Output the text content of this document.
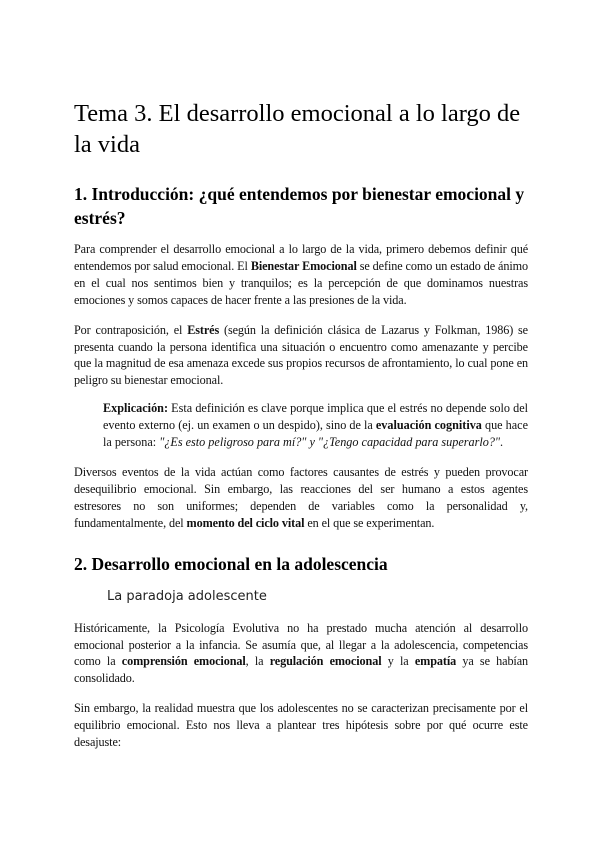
Tema 3. El desarrollo emocional a lo largo de la vida
1. Introducción: ¿qué entendemos por bienestar emocional y estrés?

Para comprender el desarrollo emocional a lo largo de la vida, primero debemos definir qué entendemos por salud emocional. El Bienestar Emocional se define como un estado de ánimo en el cual nos sentimos bien y tranquilos; es la percepción de que dominamos nuestras emociones y somos capaces de hacer frente a las presiones de la vida.

Por contraposición, el Estrés (según la definición clásica de Lazarus y Folkman, 1986) se presenta cuando la persona identifica una situación o encuentro como amenazante y percibe que la magnitud de esa amenaza excede sus propios recursos de afrontamiento, lo cual pone en peligro su bienestar emocional.

Explicación: Esta definición es clave porque implica que el estrés no depende solo del evento externo (ej. un examen o un despido), sino de la evaluación cognitiva que hace la persona: "¿Es esto peligroso para mí?" y "¿Tengo capacidad para superarlo?".

Diversos eventos de la vida actúan como factores causantes de estrés y pueden provocar desequilibrio emocional. Sin embargo, las reacciones del ser humano a estos agentes estresores no son uniformes; dependen de variables como la personalidad y, fundamentalmente, del momento del ciclo vital en el que se experimentan.

2. Desarrollo emocional en la adolescencia
La paradoja adolescente

Históricamente, la Psicología Evolutiva no ha prestado mucha atención al desarrollo emocional posterior a la infancia. Se asumía que, al llegar a la adolescencia, competencias como la comprensión emocional, la regulación emocional y la empatía ya se habían consolidado.

Sin embargo, la realidad muestra que los adolescentes no se caracterizan precisamente por el equilibrio emocional. Esto nos lleva a plantear tres hipótesis sobre por qué ocurre este desajuste:
